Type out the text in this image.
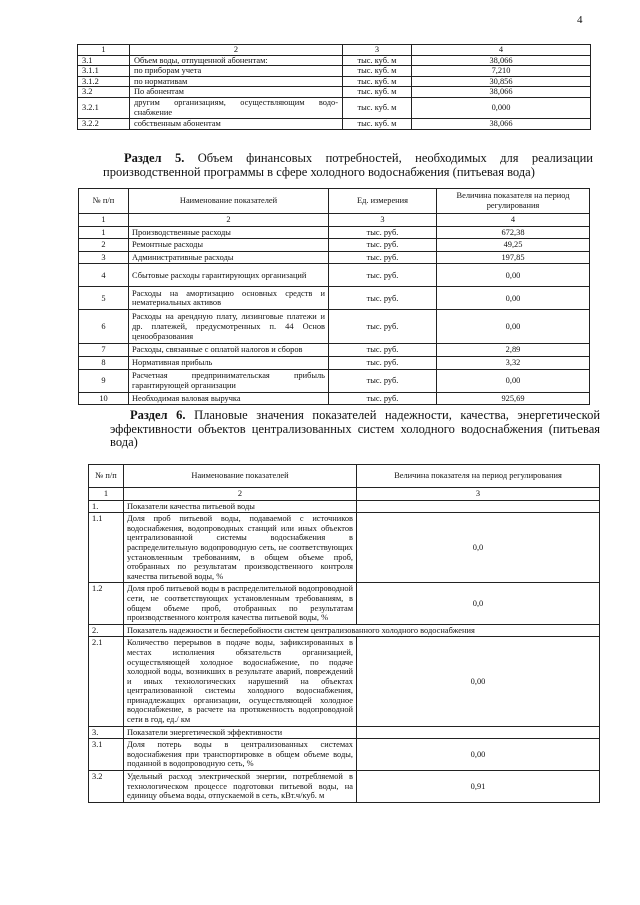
4
1	2	3	4
3.1	Объем воды, отпущенной абонентам:	тыс. куб. м	38,066
3.1.1	по приборам учета	тыс. куб. м	7,210
3.1.2	по нормативам	тыс. куб. м	30,856
3.2	По абонентам	тыс. куб. м	38,066
3.2.1	другим организациям, осуществляющим водо-снабжение	тыс. куб. м	0,000
3.2.2	собственным абонентам	тыс. куб. м	38,066
Раздел 5. Объем финансовых потребностей, необходимых для реализации производственной программы в сфере холодного водоснабжения (питьевая вода)
№ п/п	Наименование показателей	Ед. измерения	Величина показателя на период регулирования
1	2	3	4
1	Производственные расходы	тыс. руб.	672,38
2	Ремонтные расходы	тыс. руб.	49,25
3	Административные расходы	тыс. руб.	197,85
4	Сбытовые расходы гарантирующих организаций	тыс. руб.	0,00
5	Расходы на амортизацию основных средств и нематериальных активов	тыс. руб.	0,00
6	Расходы на арендную плату, лизинговые платежи и др. платежей, предусмотренных п. 44 Основ ценообразования	тыс. руб.	0,00
7	Расходы, связанные с оплатой налогов и сборов	тыс. руб.	2,89
8	Нормативная прибыль	тыс. руб.	3,32
9	Расчетная предпринимательская прибыль гарантирующей организации	тыс. руб.	0,00
10	Необходимая валовая выручка	тыс. руб.	925,69
Раздел 6. Плановые значения показателей надежности, качества, энергетической эффективности объектов централизованных систем холодного водоснабжения (питьевая вода)
№ п/п	Наименование показателей	Величина показателя на период регулирования
1	2	3
1.	Показатели качества питьевой воды	
1.1	Доля проб питьевой воды, подаваемой с источников водоснабжения, водопроводных станций или иных объектов централизованной системы водоснабжения в распределительную водопроводную сеть, не соответствующих установленным требованиям, в общем объеме проб, отобранных по результатам производственного контроля качества питьевой воды, %	0,0
1.2	Доля проб питьевой воды в распределительной водопроводной сети, не соответствующих установленным требованиям, в общем объеме проб, отобранных по результатам производственного контроля качества питьевой воды, %	0,0
2.	Показатель надежности и бесперебойности систем централизованного холодного водоснабжения	
2.1	Количество перерывов в подаче воды, зафиксированных в местах исполнения обязательств организацией, осуществляющей холодное водоснабжение, по подаче холодной воды, возникших в результате аварий, повреждений и иных технологических нарушений на объектах централизованной системы холодного водоснабжения, принадлежащих организации, осуществляющей холодное водоснабжение, в расчете на протяженность водопроводной сети в год, ед./ км	0,00
3.	Показатели энергетической эффективности	
3.1	Доля потерь воды в централизованных системах водоснабжения при транспортировке в общем объеме воды, поданной в водопроводную сеть, %	0,00
3.2	Удельный расход электрической энергии, потребляемой в технологическом процессе подготовки питьевой воды, на единицу объема воды, отпускаемой в сеть, кВт.ч/куб. м	0,91
